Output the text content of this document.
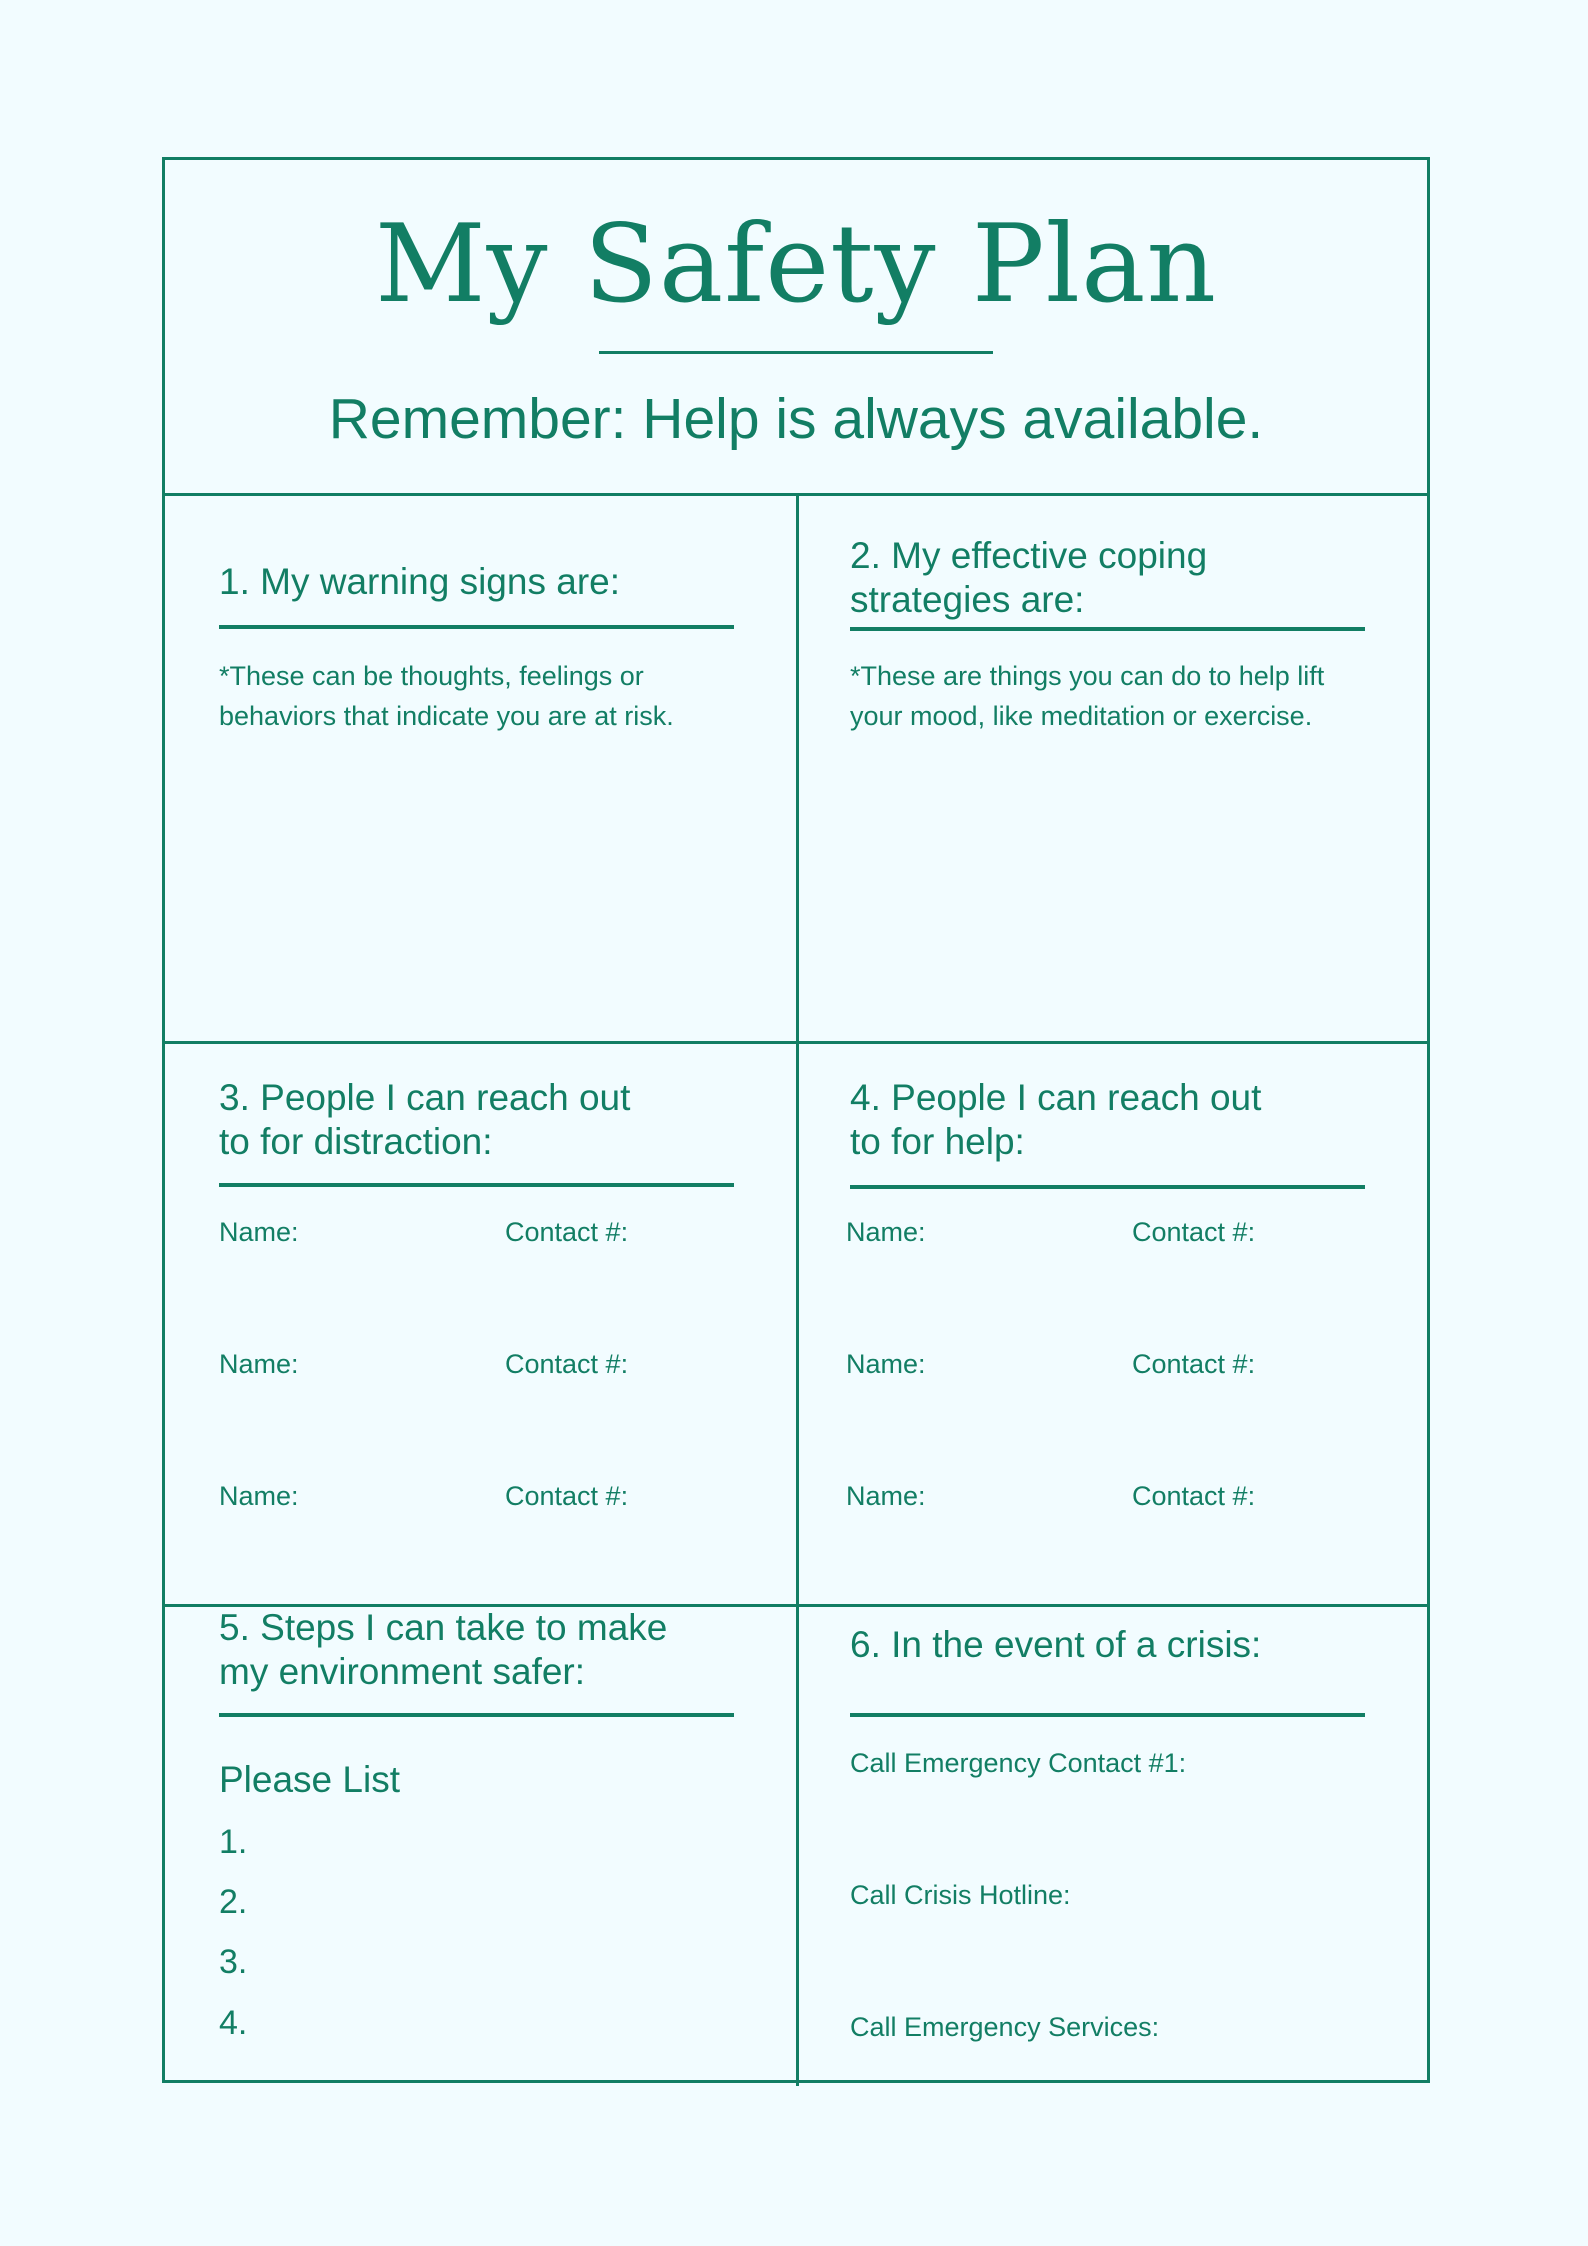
My Safety Plan
Remember: Help is always available.
1. My warning signs are:
*These can be thoughts, feelings or behaviors that indicate you are at risk.
2. My effective coping
strategies are:
*These are things you can do to help lift your mood, like meditation or exercise.
3. People I can reach out
to for distraction:
Name:	Contact #:
Name:	Contact #:
Name:	Contact #:
4. People I can reach out
to for help:
Name:	Contact #:
Name:	Contact #:
Name:	Contact #:
5. Steps I can take to make
my environment safer:
Please List
1.
2.
3.
4.
6. In the event of a crisis:
Call Emergency Contact #1:
Call Crisis Hotline:
Call Emergency Services:
